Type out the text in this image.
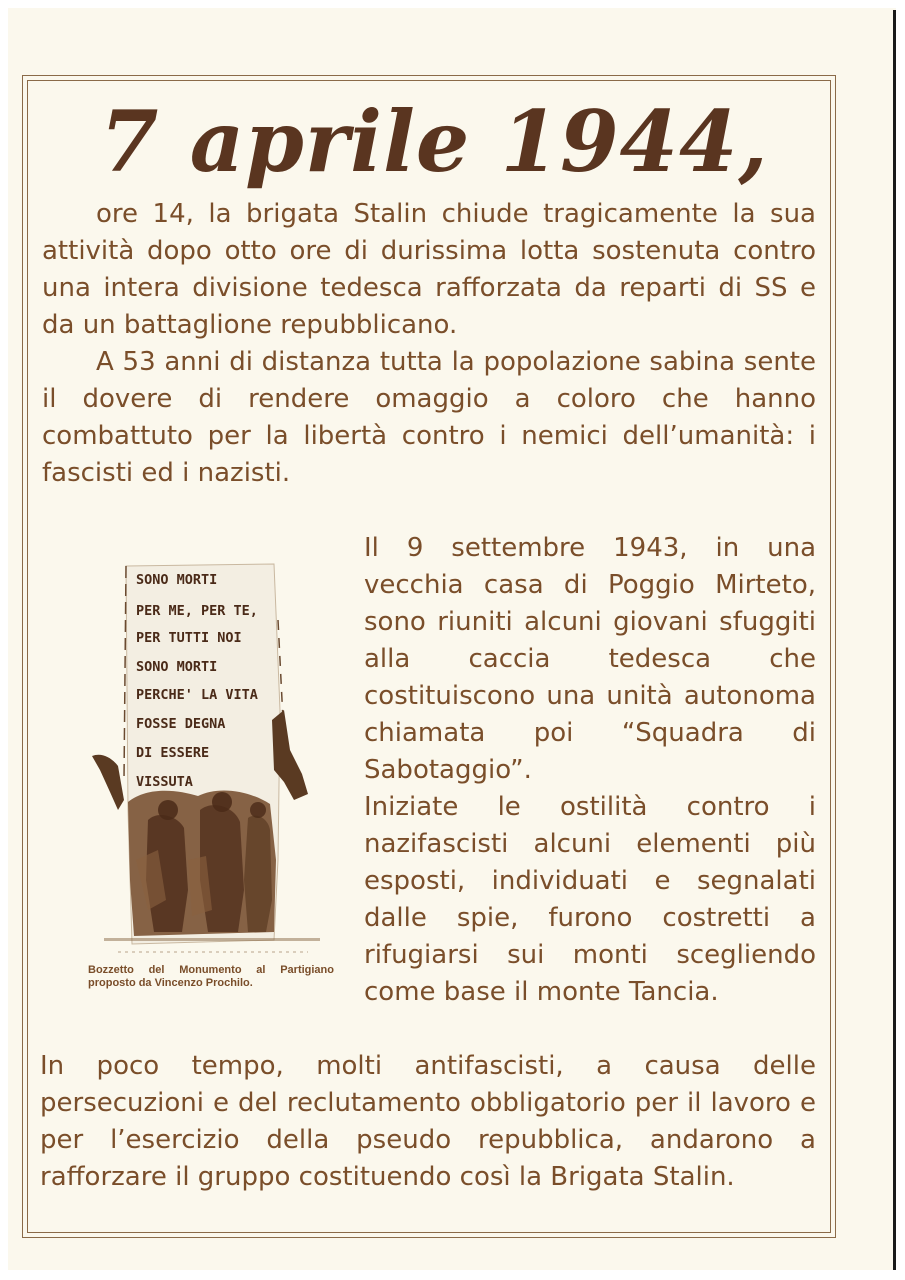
7 aprile 1944,

ore 14, la brigata Stalin chiude tragicamente la sua attività dopo otto ore di durissima lotta sostenuta contro una intera divisione tedesca rafforzata da reparti di SS e da un battaglione repubblicano.

A 53 anni di distanza tutta la popolazione sabina sente il dovere di rendere omaggio a coloro che hanno combattuto per la libertà contro i nemici dell’umanità: i fascisti ed i nazisti.

SONO MORTI
PER ME, PER TE,
PER TUTTI NOI
SONO MORTI
PERCHE' LA VITA
FOSSE DEGNA
DI ESSERE
VISSUTA
Bozzetto del Monumento al Partigiano proposto da Vincenzo Prochilo.

Il 9 settembre 1943, in una vecchia casa di Poggio Mirteto, sono riuniti alcuni giovani sfuggiti alla caccia tedesca che costituiscono una unità autonoma chiamata poi “Squadra di Sabotaggio”.

Iniziate le ostilità contro i nazifascisti alcuni elementi più esposti, individuati e segnalati dalle spie, furono costretti a rifugiarsi sui monti scegliendo come base il monte Tancia.

In poco tempo, molti antifascisti, a causa delle persecuzioni e del reclutamento obbligatorio per il lavoro e per l’esercizio della pseudo repubblica, andarono a rafforzare il gruppo costituendo così la Brigata Stalin.
